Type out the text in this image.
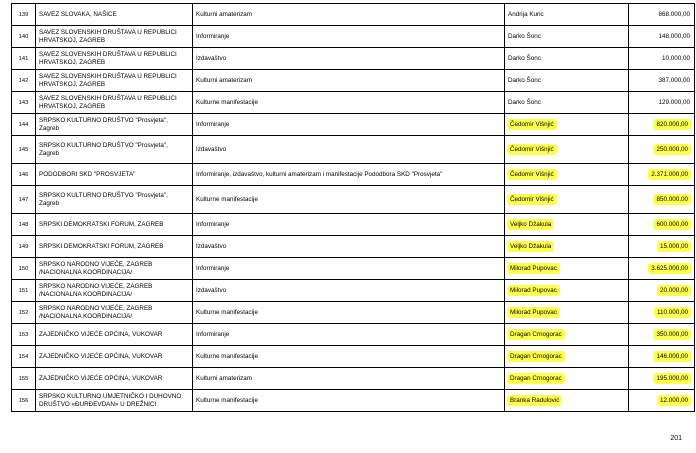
139	SAVEZ SLOVAKA, NAŠICE	Kulturni amaterizam	Andrija Kuric	868.000,00
140	SAVEZ SLOVENSKIH DRUŠTAVA U REPUBLICI HRVATSKOJ, ZAGREB	Informiranje	Darko Šonc	148.000,00
141	SAVEZ SLOVENSKIH DRUŠTAVA U REPUBLICI HRVATSKOJ, ZAGREB	Izdavaštvo	Darko Šonc	10.000,00
142	SAVEZ SLOVENSKIH DRUŠTAVA U REPUBLICI HRVATSKOJ, ZAGREB	Kulturni amaterizam	Darko Šonc	387.000,00
143	SAVEZ SLOVENSKIH DRUŠTAVA U REPUBLICI HRVATSKOJ, ZAGREB	Kulturne manifestacije	Darko Šonc	129.000,00
144	SRPSKO KULTURNO DRUŠTVO "Prosvjeta", Zagreb	Informiranje	Čedomir Višnjić	820.000,00
145	SRPSKO KULTURNO DRUŠTVO "Prosvjeta", Zagreb	Izdavaštvo	Čedomir Višnjić	250.000,00
146	PODODBORI SKD "PROSVJETA"	Informiranje, izdavaštvo, kulturni amaterizam i manifestacije Pododbora SKD "Prosvjeta"	Čedomir Višnjić	2.371.000,00
147	SRPSKO KULTURNO DRUŠTVO "Prosvjeta", Zagreb	Kulturne manifestacije	Čedomir Višnjić	850.000,00
148	SRPSKI DEMOKRATSKI FORUM, ZAGREB	Informiranje	Veljko Džakula	600.000,00
149	SRPSKI DEMOKRATSKI FORUM, ZAGREB	Izdavaštvo	Veljko Džakula	15.000,00
150	SRPSKO NARODNO VIJEĆE, ZAGREB /NACIONALNA KOORDINACIJA/	Informiranje	Milorad Pupovac	3.625.000,00
151	SRPSKO NARODNO VIJEĆE, ZAGREB /NACIONALNA KOORDINACIJA/	Izdavaštvo	Milorad Pupovac	20.000,00
152	SRPSKO NARODNO VIJEĆE, ZAGREB /NACIONALNA KOORDINACIJA/	Kulturne manifestacije	Milorad Pupovac	110.000,00
153	ZAJEDNIČKO VIJEĆE OPĆINA, VUKOVAR	Informiranje	Dragan Crnogorac	350.000,00
154	ZAJEDNIČKO VIJEĆE OPĆINA, VUKOVAR	Kulturne manifestacije	Dragan Crnogorac	146.000,00
155	ZAJEDNIČKO VIJEĆE OPĆINA, VUKOVAR	Kulturni amaterizam	Dragan Crnogorac	195.000,00
156	SRPSKO KULTURNO UMJETNIČKO I DUHOVNO DRUŠTVO «ĐURĐEVDAN» U DREŽNICI	Kulturne manifestacije	Branka Radulović	12.000,00
201
